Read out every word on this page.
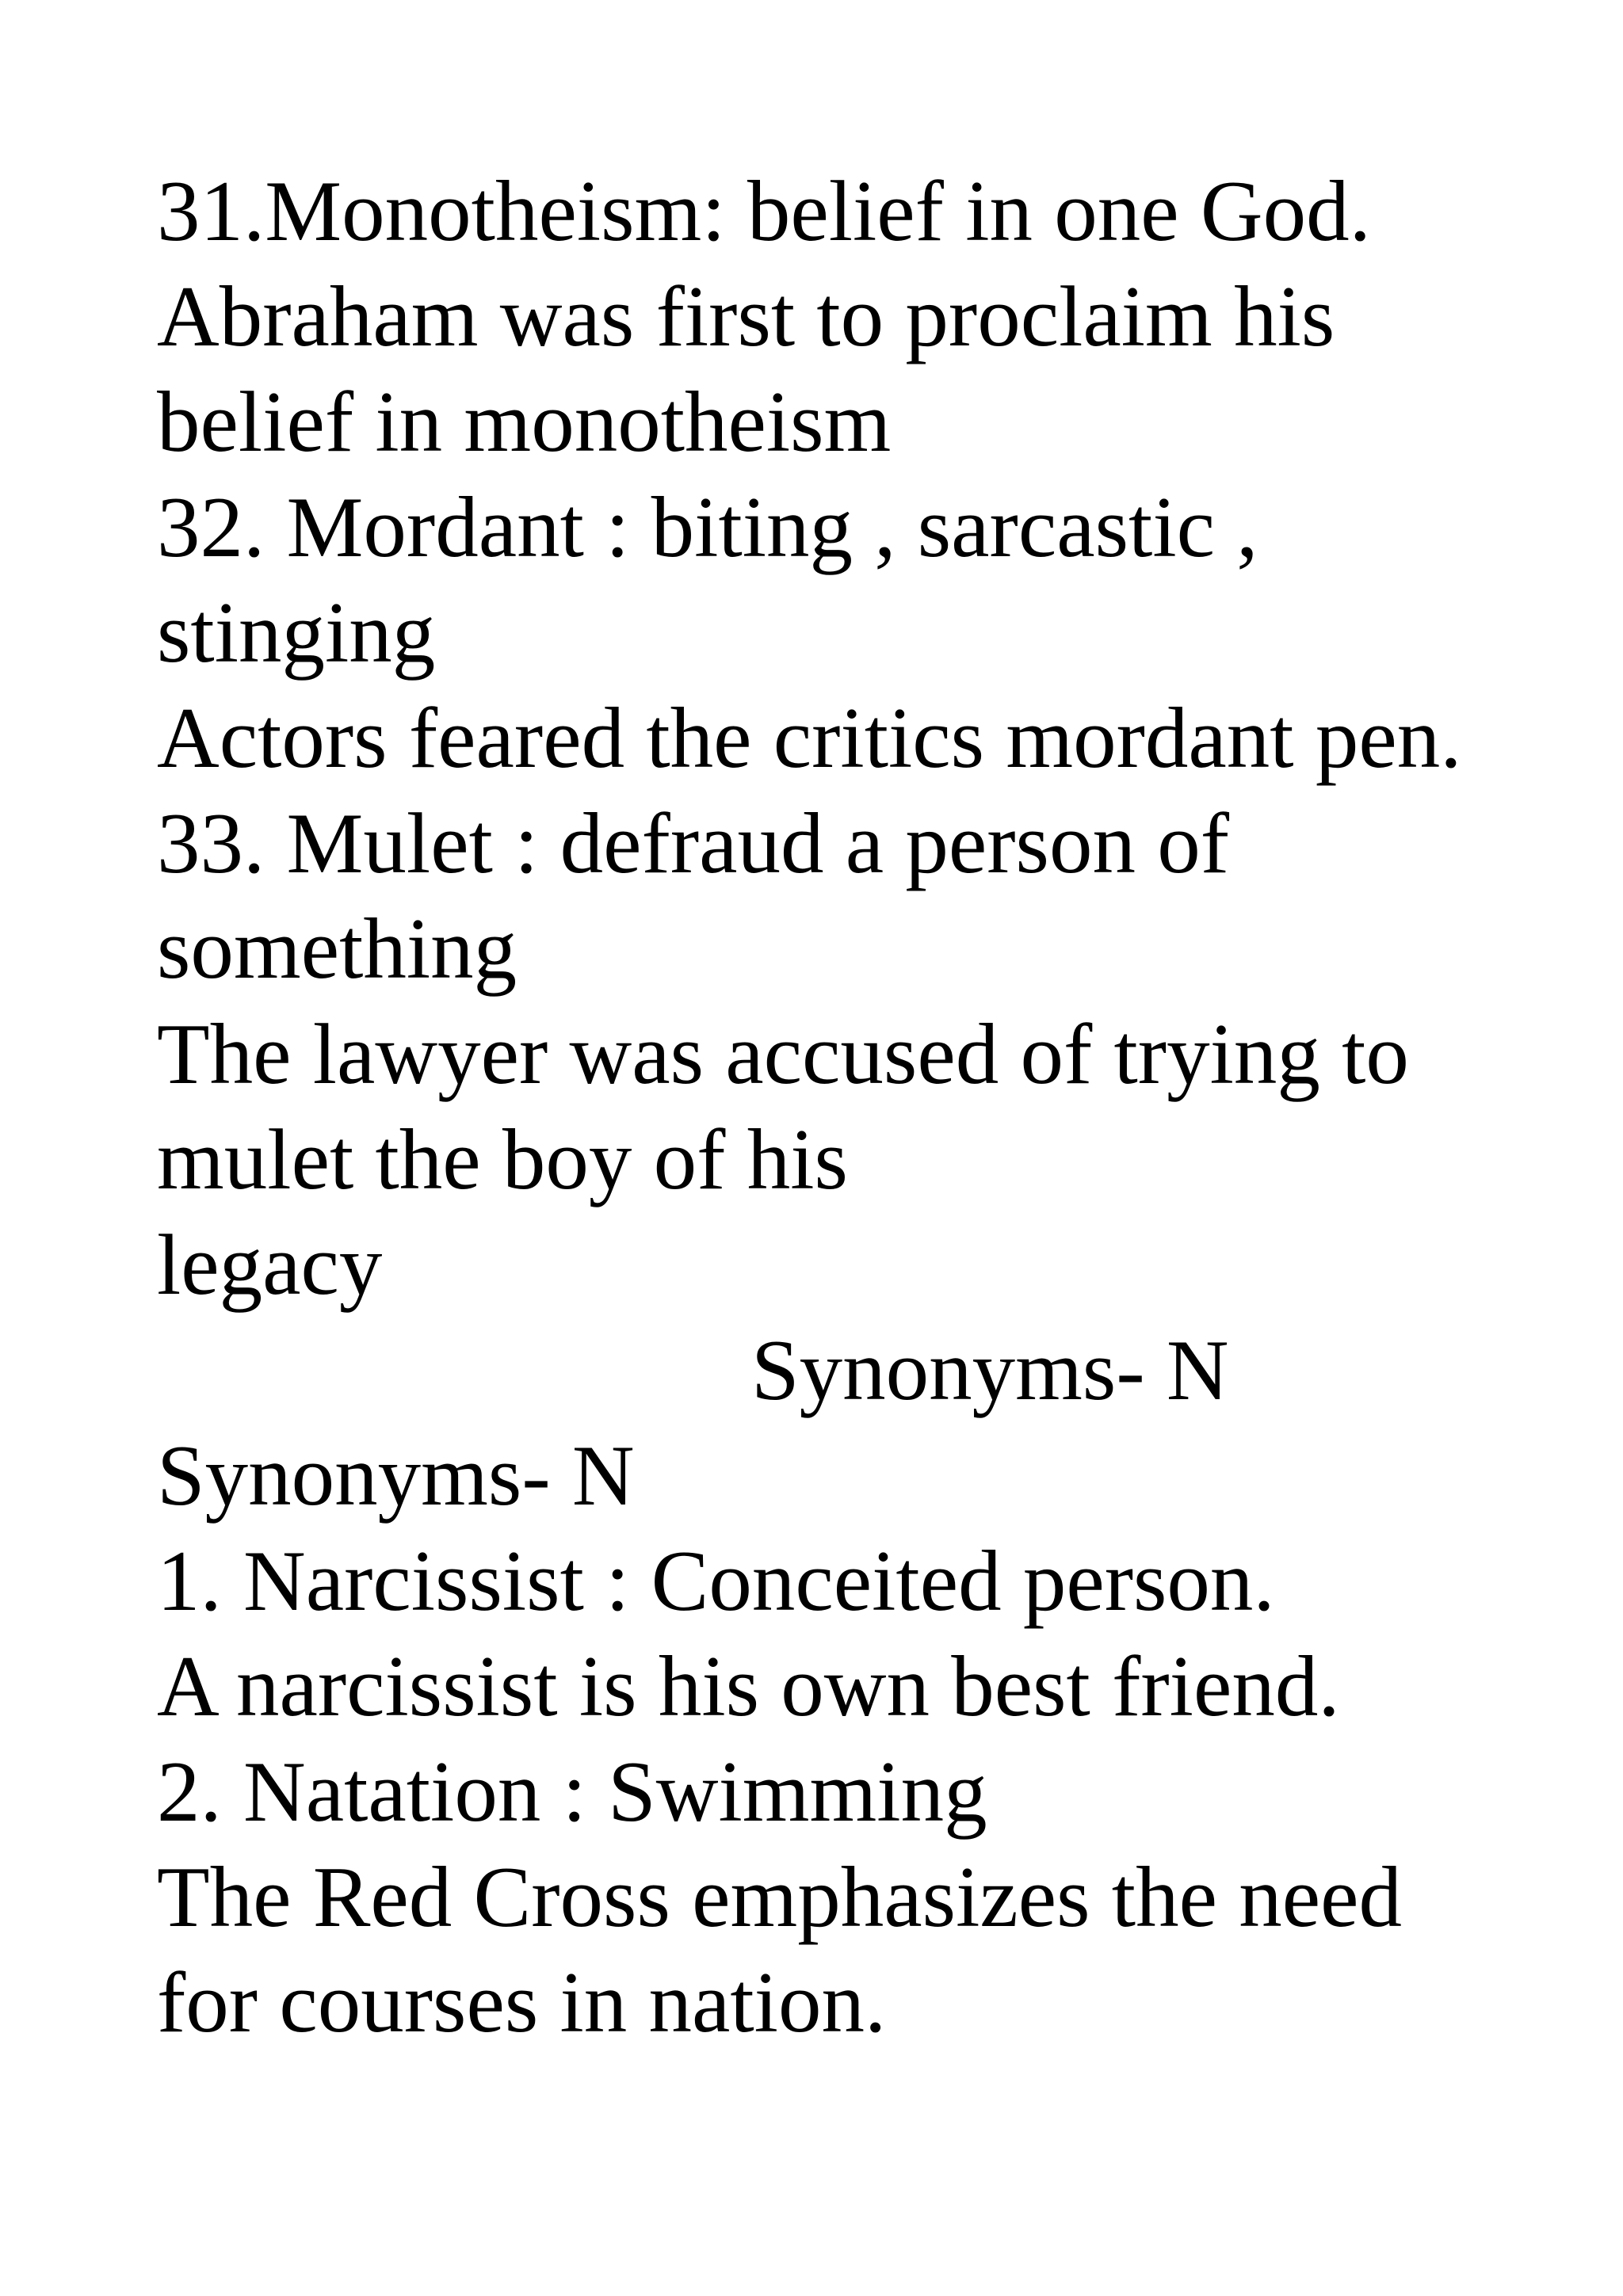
31.Monotheism: belief in one God.
Abraham was first to proclaim his
belief in monotheism
32. Mordant : biting , sarcastic ,
stinging
Actors feared the critics mordant pen.
33. Mulet : defraud a person of
something
The lawyer was accused of trying to
mulet the boy of his
legacy
Synonyms- N
Synonyms- N
1. Narcissist : Conceited person.
A narcissist is his own best friend.
2. Natation : Swimming
The Red Cross emphasizes the need
for courses in nation.
